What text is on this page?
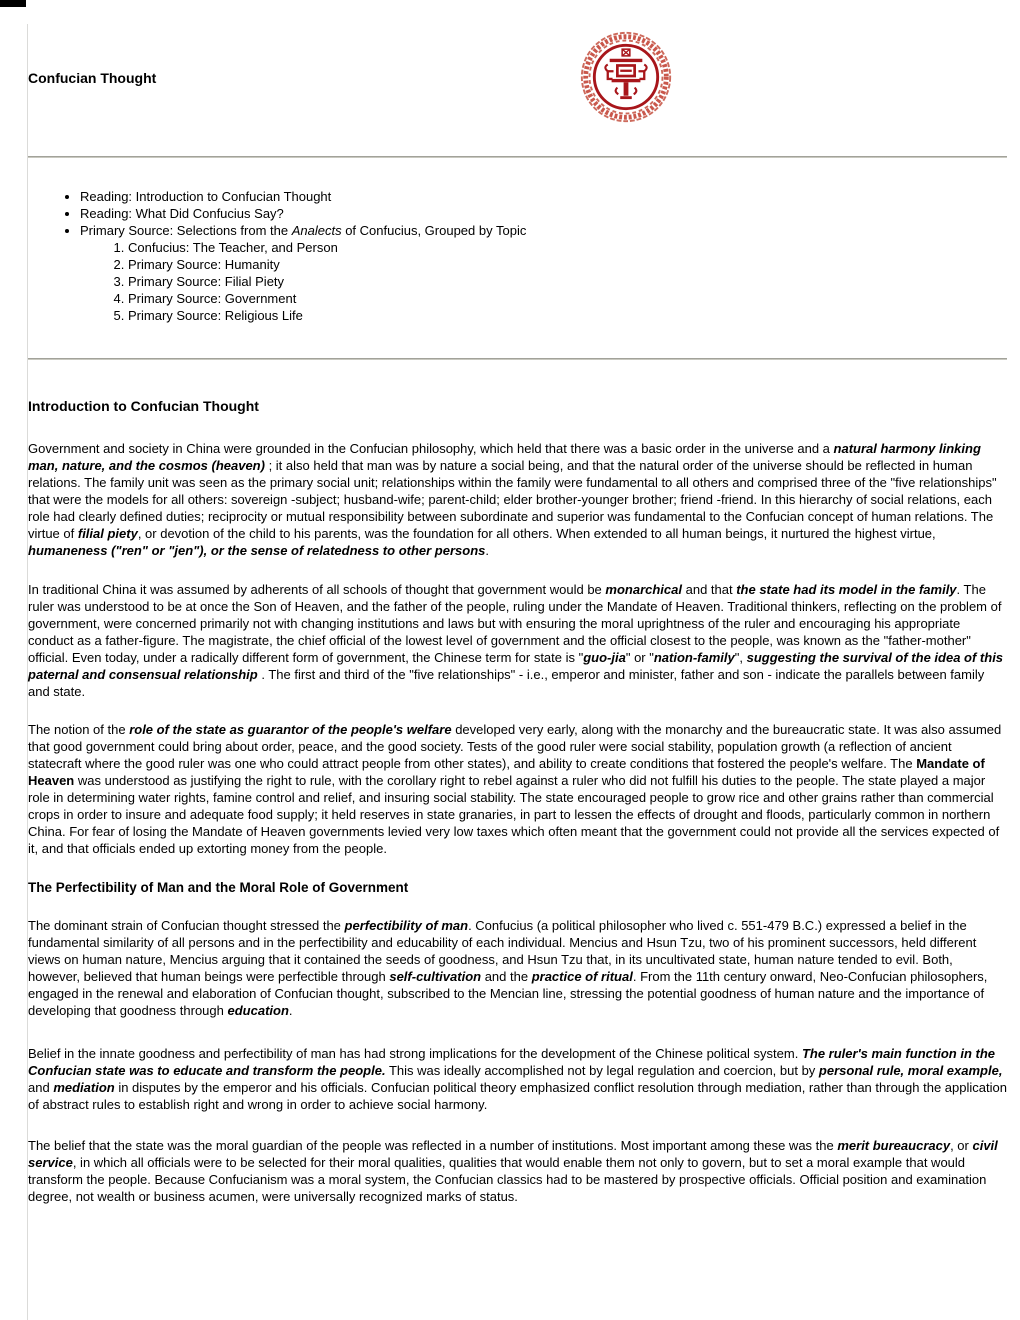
Confucian Thought
• Reading: Introduction to Confucian Thought
• Reading: What Did Confucius Say?
• Primary Source: Selections from the Analects of Confucius, Grouped by Topic
1. Confucius: The Teacher, and Person
2. Primary Source: Humanity
3. Primary Source: Filial Piety
4. Primary Source: Government
5. Primary Source: Religious Life
Introduction to Confucian Thought

Government and society in China were grounded in the Confucian philosophy, which held that there was a basic order in the universe and a natural harmony linking man, nature, and the cosmos (heaven) ; it also held that man was by nature a social being, and that the natural order of the universe should be reflected in human relations. The family unit was seen as the primary social unit; relationships within the family were fundamental to all others and comprised three of the "five relationships" that were the models for all others: sovereign -subject; husband-wife; parent-child; elder brother-younger brother; friend -friend. In this hierarchy of social relations, each role had clearly defined duties; reciprocity or mutual responsibility between subordinate and superior was fundamental to the Confucian concept of human relations. The virtue of filial piety, or devotion of the child to his parents, was the foundation for all others. When extended to all human beings, it nurtured the highest virtue, humaneness ("ren" or "jen"), or the sense of relatedness to other persons.

In traditional China it was assumed by adherents of all schools of thought that government would be monarchical and that the state had its model in the family. The ruler was understood to be at once the Son of Heaven, and the father of the people, ruling under the Mandate of Heaven. Traditional thinkers, reflecting on the problem of government, were concerned primarily not with changing institutions and laws but with ensuring the moral uprightness of the ruler and encouraging his appropriate conduct as a father-figure. The magistrate, the chief official of the lowest level of government and the official closest to the people, was known as the "father-mother" official. Even today, under a radically different form of government, the Chinese term for state is "guo-jia" or "nation-family", suggesting the survival of the idea of this paternal and consensual relationship . The first and third of the "five relationships" - i.e., emperor and minister, father and son - indicate the parallels between family and state.

The notion of the role of the state as guarantor of the people's welfare developed very early, along with the monarchy and the bureaucratic state. It was also assumed that good government could bring about order, peace, and the good society. Tests of the good ruler were social stability, population growth (a reflection of ancient statecraft where the good ruler was one who could attract people from other states), and ability to create conditions that fostered the people's welfare. The Mandate of Heaven was understood as justifying the right to rule, with the corollary right to rebel against a ruler who did not fulfill his duties to the people. The state played a major role in determining water rights, famine control and relief, and insuring social stability. The state encouraged people to grow rice and other grains rather than commercial crops in order to insure and adequate food supply; it held reserves in state granaries, in part to lessen the effects of drought and floods, particularly common in northern China. For fear of losing the Mandate of Heaven governments levied very low taxes which often meant that the government could not provide all the services expected of it, and that officials ended up extorting money from the people.

The Perfectibility of Man and the Moral Role of Government

The dominant strain of Confucian thought stressed the perfectibility of man. Confucius (a political philosopher who lived c. 551-479 B.C.) expressed a belief in the fundamental similarity of all persons and in the perfectibility and educability of each individual. Mencius and Hsun Tzu, two of his prominent successors, held different views on human nature, Mencius arguing that it contained the seeds of goodness, and Hsun Tzu that, in its uncultivated state, human nature tended to evil. Both, however, believed that human beings were perfectible through self-cultivation and the practice of ritual. From the 11th century onward, Neo-Confucian philosophers, engaged in the renewal and elaboration of Confucian thought, subscribed to the Mencian line, stressing the potential goodness of human nature and the importance of developing that goodness through education.

Belief in the innate goodness and perfectibility of man has had strong implications for the development of the Chinese political system. The ruler's main function in the Confucian state was to educate and transform the people. This was ideally accomplished not by legal regulation and coercion, but by personal rule, moral example, and mediation in disputes by the emperor and his officials. Confucian political theory emphasized conflict resolution through mediation, rather than through the application of abstract rules to establish right and wrong in order to achieve social harmony.

The belief that the state was the moral guardian of the people was reflected in a number of institutions. Most important among these was the merit bureaucracy, or civil service, in which all officials were to be selected for their moral qualities, qualities that would enable them not only to govern, but to set a moral example that would transform the people. Because Confucianism was a moral system, the Confucian classics had to be mastered by prospective officials. Official position and examination degree, not wealth or business acumen, were universally recognized marks of status.
